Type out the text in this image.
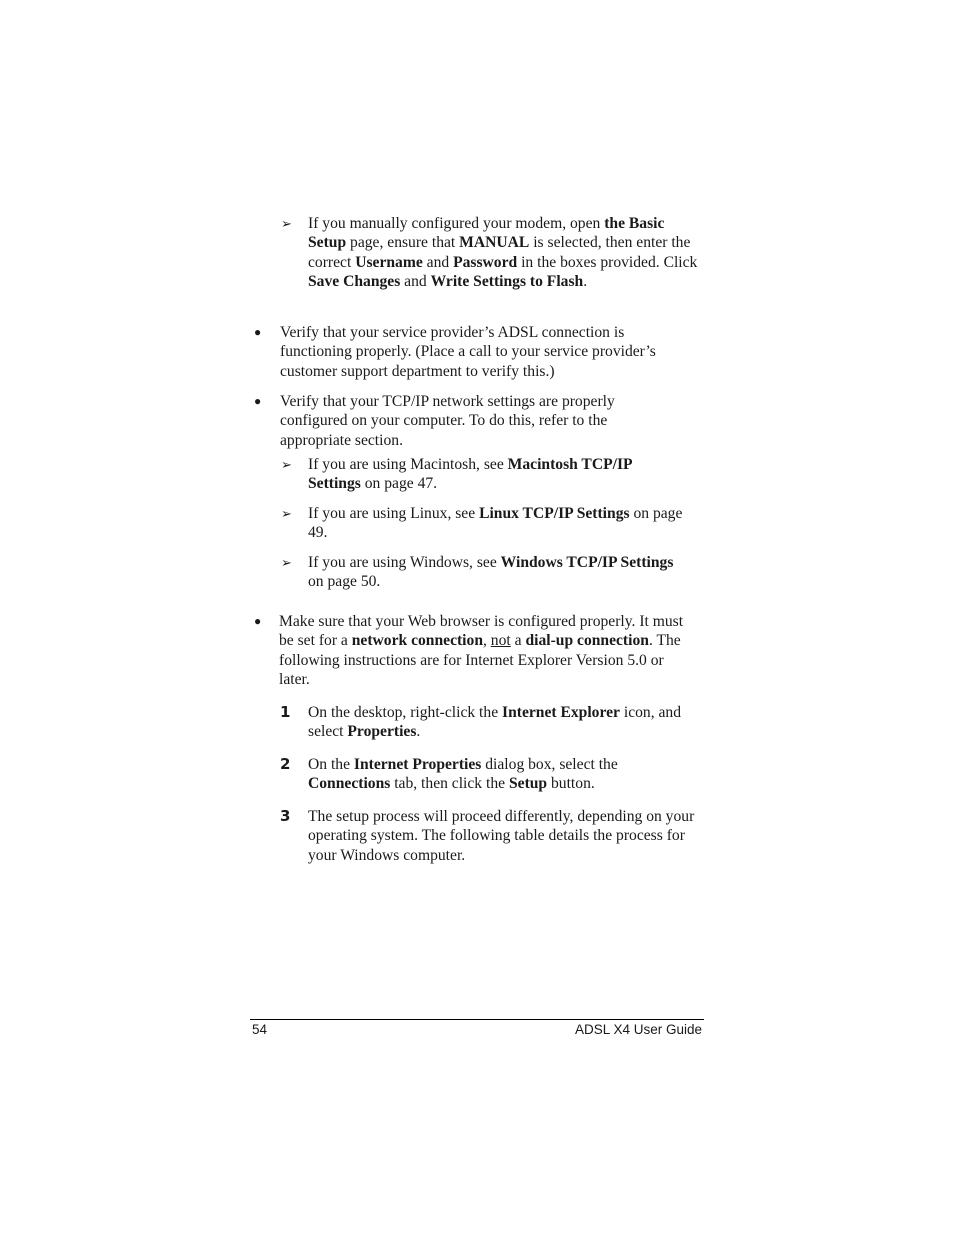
➢ If you manually configured your modem, open the Basic Setup page, ensure that MANUAL is selected, then enter the correct Username and Password in the boxes provided. Click Save Changes and Write Settings to Flash.

● Verify that your service provider’s ADSL connection is functioning properly. (Place a call to your service provider’s customer support department to verify this.)

● Verify that your TCP/IP network settings are properly configured on your computer. To do this, refer to the appropriate section.

➢ If you are using Macintosh, see Macintosh TCP/IP Settings on page 47.

➢ If you are using Linux, see Linux TCP/IP Settings on page 49.

➢ If you are using Windows, see Windows TCP/IP Settings on page 50.

● Make sure that your Web browser is configured properly. It must be set for a network connection, not a dial-up connection. The following instructions are for Internet Explorer Version 5.0 or later.

1 On the desktop, right-click the Internet Explorer icon, and select Properties.

2 On the Internet Properties dialog box, select the Connections tab, then click the Setup button.

3 The setup process will proceed differently, depending on your operating system. The following table details the process for your Windows computer.

54	ADSL X4 User Guide
